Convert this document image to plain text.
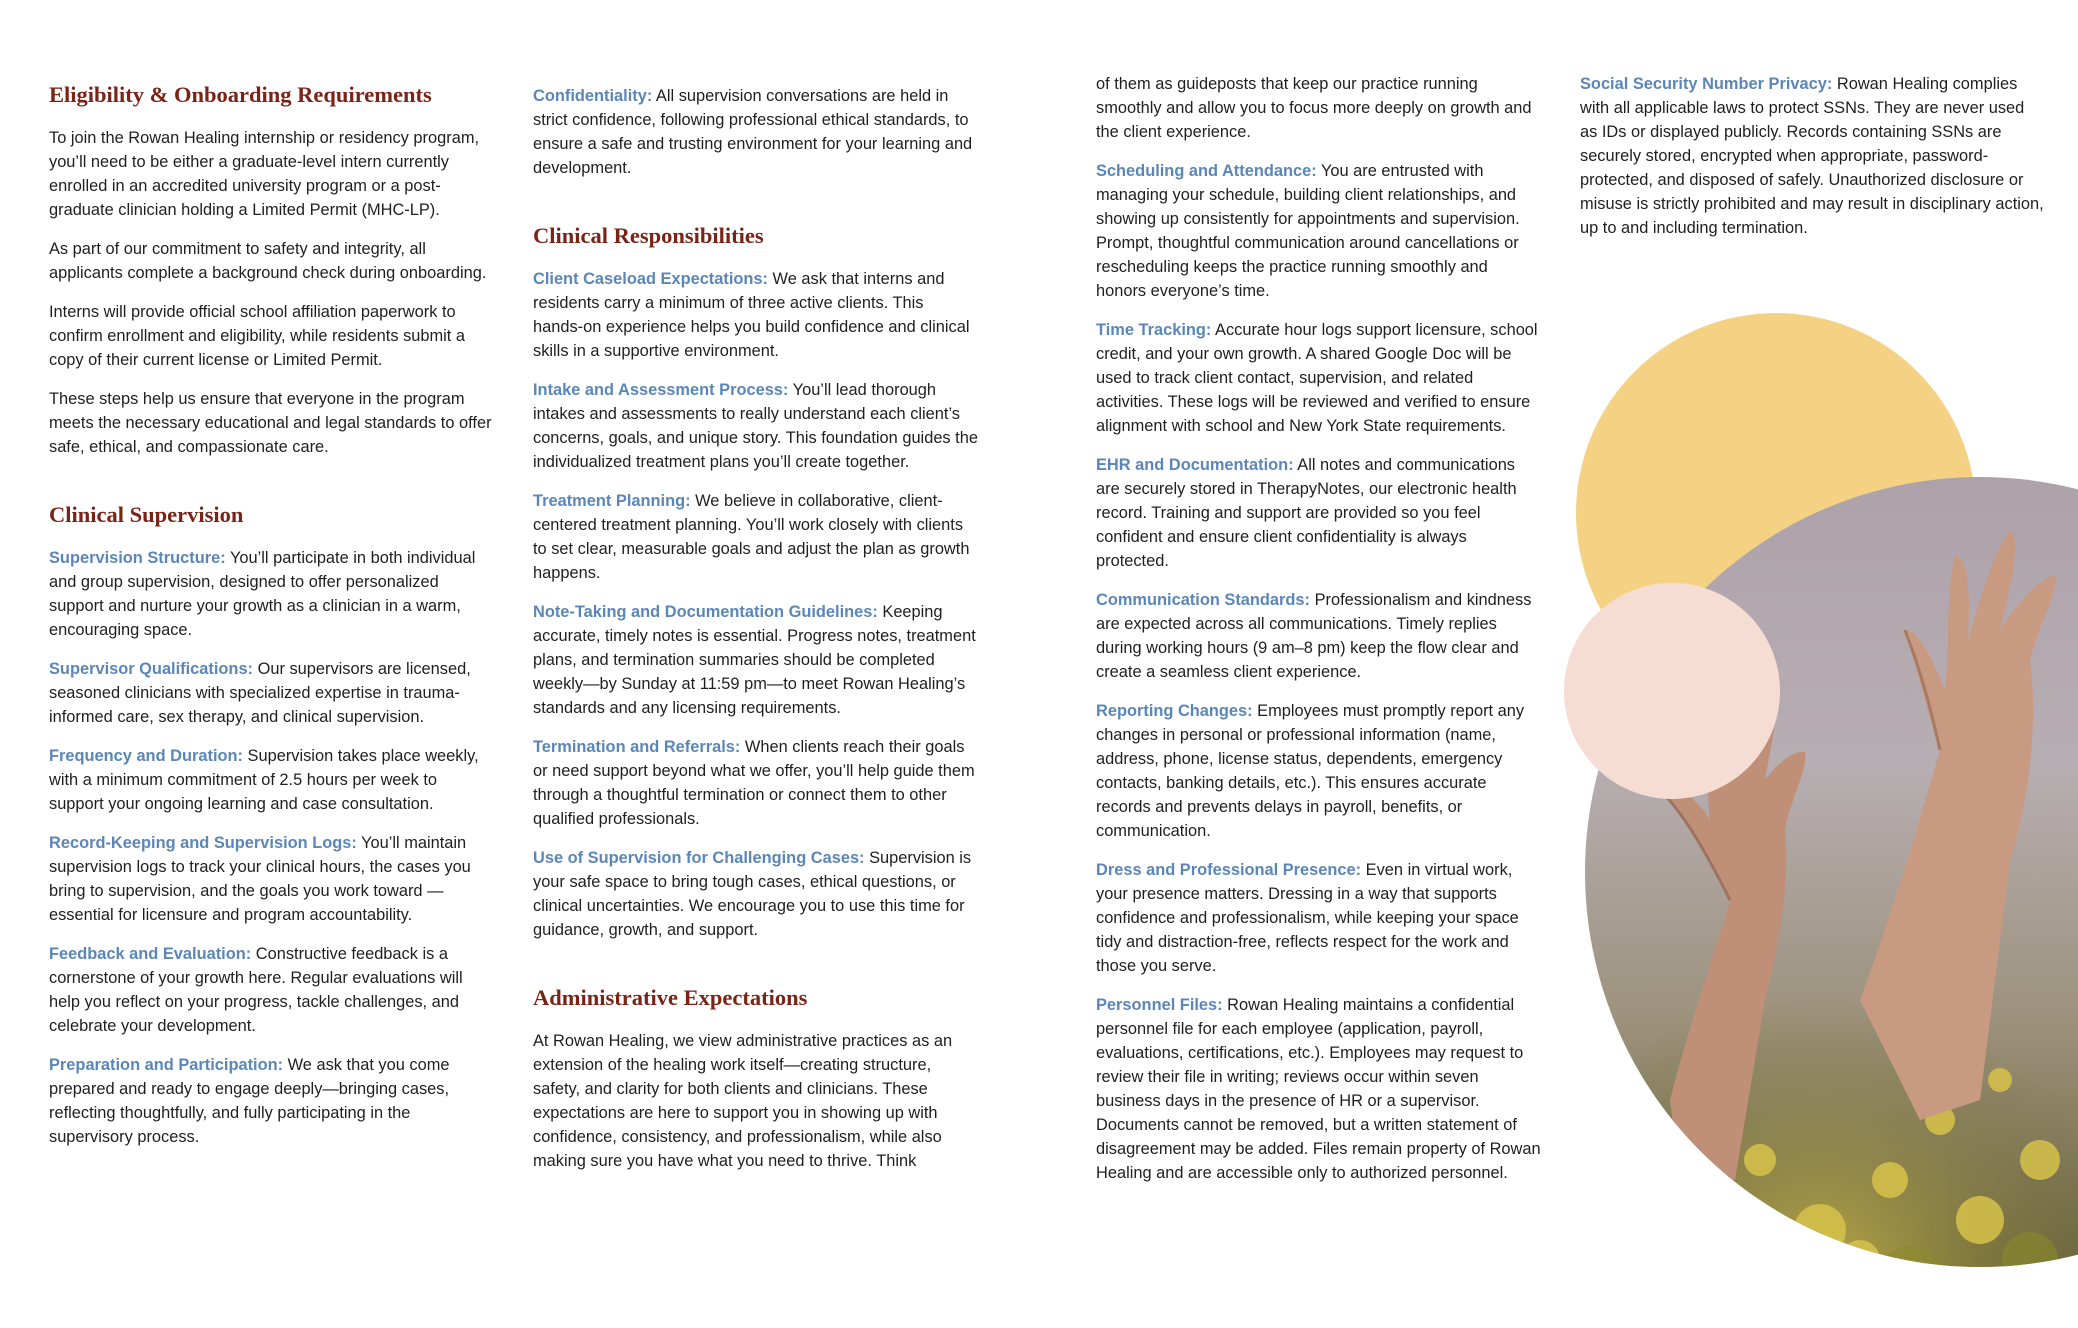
Eligibility & Onboarding Requirements

To join the Rowan Healing internship or residency program, you’ll need to be either a graduate-level intern currently enrolled in an accredited university program or a post-graduate clinician holding a Limited Permit (MHC-LP).

As part of our commitment to safety and integrity, all applicants complete a background check during onboarding.

Interns will provide official school affiliation paperwork to confirm enrollment and eligibility, while residents submit a copy of their current license or Limited Permit.

These steps help us ensure that everyone in the program meets the necessary educational and legal standards to offer safe, ethical, and compassionate care.

Clinical Supervision

Supervision Structure: You’ll participate in both individual and group supervision, designed to offer personalized support and nurture your growth as a clinician in a warm, encouraging space.

Supervisor Qualifications: Our supervisors are licensed, seasoned clinicians with specialized expertise in trauma-informed care, sex therapy, and clinical supervision.

Frequency and Duration: Supervision takes place weekly, with a minimum commitment of 2.5 hours per week to support your ongoing learning and case consultation.

Record-Keeping and Supervision Logs: You’ll maintain supervision logs to track your clinical hours, the cases you bring to supervision, and the goals you work toward — essential for licensure and program accountability.

Feedback and Evaluation: Constructive feedback is a cornerstone of your growth here. Regular evaluations will help you reflect on your progress, tackle challenges, and celebrate your development.

Preparation and Participation: We ask that you come prepared and ready to engage deeply—bringing cases, reflecting thoughtfully, and fully participating in the supervisory process.

Confidentiality: All supervision conversations are held in strict confidence, following professional ethical standards, to ensure a safe and trusting environment for your learning and development.

Clinical Responsibilities

Client Caseload Expectations: We ask that interns and residents carry a minimum of three active clients. This hands-on experience helps you build confidence and clinical skills in a supportive environment.

Intake and Assessment Process: You’ll lead thorough intakes and assessments to really understand each client’s concerns, goals, and unique story. This foundation guides the individualized treatment plans you’ll create together.

Treatment Planning: We believe in collaborative, client-centered treatment planning. You’ll work closely with clients to set clear, measurable goals and adjust the plan as growth happens.

Note-Taking and Documentation Guidelines: Keeping accurate, timely notes is essential. Progress notes, treatment plans, and termination summaries should be completed weekly—by Sunday at 11:59 pm—to meet Rowan Healing’s standards and any licensing requirements.

Termination and Referrals: When clients reach their goals or need support beyond what we offer, you’ll help guide them through a thoughtful termination or connect them to other qualified professionals.

Use of Supervision for Challenging Cases: Supervision is your safe space to bring tough cases, ethical questions, or clinical uncertainties. We encourage you to use this time for guidance, growth, and support.

Administrative Expectations

At Rowan Healing, we view administrative practices as an extension of the healing work itself—creating structure, safety, and clarity for both clients and clinicians. These expectations are here to support you in showing up with confidence, consistency, and professionalism, while also making sure you have what you need to thrive. Think

of them as guideposts that keep our practice running smoothly and allow you to focus more deeply on growth and the client experience.

Scheduling and Attendance: You are entrusted with managing your schedule, building client relationships, and showing up consistently for appointments and supervision. Prompt, thoughtful communication around cancellations or rescheduling keeps the practice running smoothly and honors everyone’s time.

Time Tracking: Accurate hour logs support licensure, school credit, and your own growth. A shared Google Doc will be used to track client contact, supervision, and related activities. These logs will be reviewed and verified to ensure alignment with school and New York State requirements.

EHR and Documentation: All notes and communications are securely stored in TherapyNotes, our electronic health record. Training and support are provided so you feel confident and ensure client confidentiality is always protected.

Communication Standards: Professionalism and kindness are expected across all communications. Timely replies during working hours (9 am–8 pm) keep the flow clear and create a seamless client experience.

Reporting Changes: Employees must promptly report any changes in personal or professional information (name, address, phone, license status, dependents, emergency contacts, banking details, etc.). This ensures accurate records and prevents delays in payroll, benefits, or communication.

Dress and Professional Presence: Even in virtual work, your presence matters. Dressing in a way that supports confidence and professionalism, while keeping your space tidy and distraction-free, reflects respect for the work and those you serve.

Personnel Files: Rowan Healing maintains a confidential personnel file for each employee (application, payroll, evaluations, certifications, etc.). Employees may request to review their file in writing; reviews occur within seven business days in the presence of HR or a supervisor. Documents cannot be removed, but a written statement of disagreement may be added. Files remain property of Rowan Healing and are accessible only to authorized personnel.

Social Security Number Privacy: Rowan Healing complies with all applicable laws to protect SSNs. They are never used as IDs or displayed publicly. Records containing SSNs are securely stored, encrypted when appropriate, password-protected, and disposed of safely. Unauthorized disclosure or misuse is strictly prohibited and may result in disciplinary action, up to and including termination.
